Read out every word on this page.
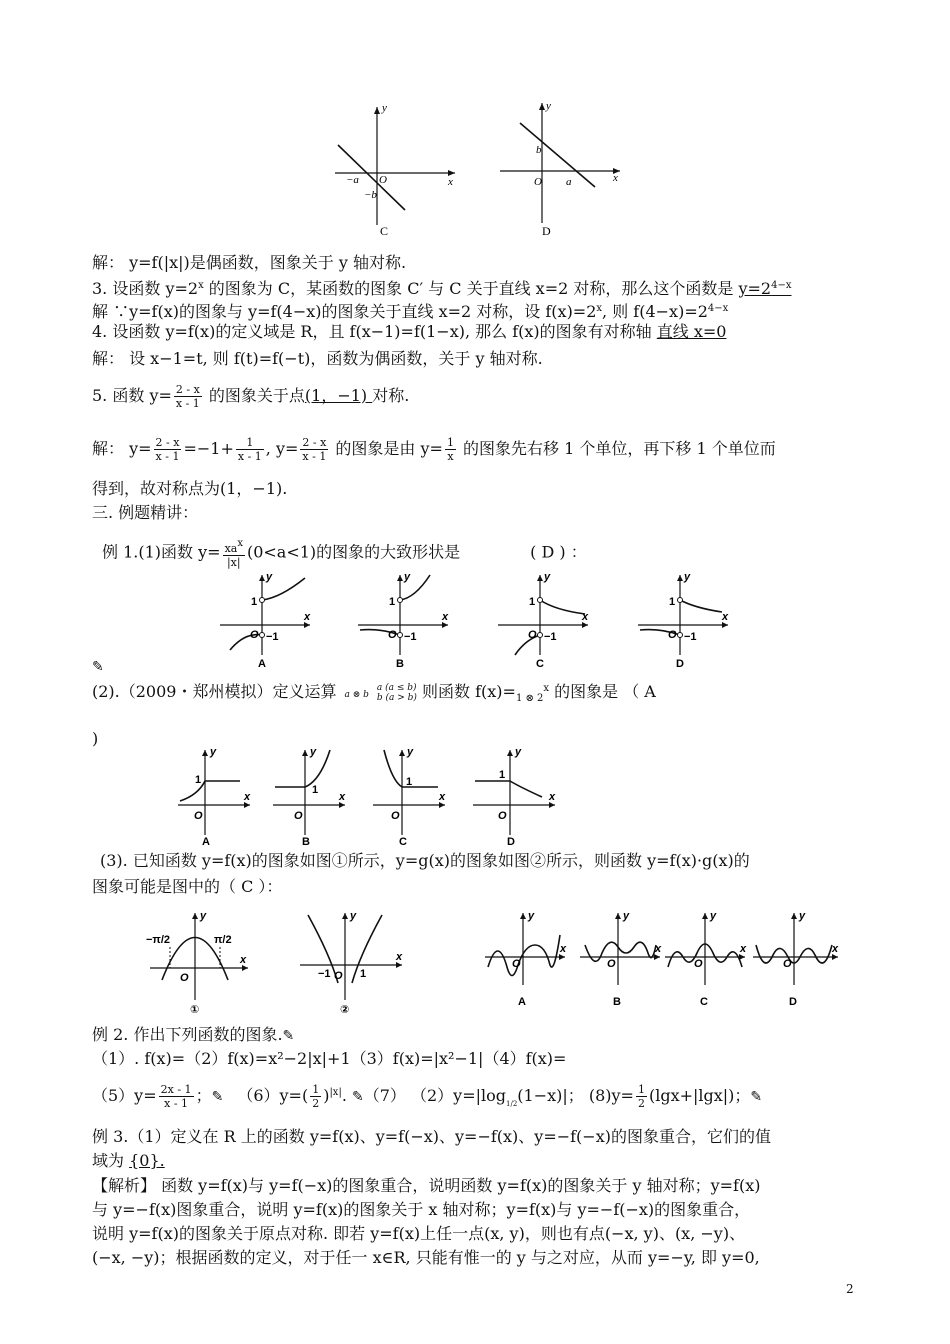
y
x
−a O
−b
C
y
x
b
O a
D
解： y=f(|x|)是偶函数，图象关于 y 轴对称.
3. 设函数 $y=2^x$ 的图象为 C，某函数的图象 C′ 与 C 关于直线 x=2 对称，那么这个函数是 $y=2^{4-x}$
解 ∵y=f(x)的图象与 y=f(4−x)的图象关于直线 x=2 对称，设 $f(x)=2^x$, 则 $f(4-x)=2^{4-x}$
4. 设函数 y=f(x)的定义域是 R，且 f(x−1)=f(1−x), 那么 f(x)的图象有对称轴 直线 x=0
解： 设 x−1=t, 则 f(t)=f(−t)，函数为偶函数，关于 y 轴对称.
5. 函数 $y= \frac{2 - x}{x - 1}$ 的图象关于点(1，−1) 对称.
解： $y= \frac{2 - x}{x - 1} =-1+ \frac{1}{x - 1}$ , $y= \frac{2 - x}{x - 1}$ 的图象是由 $y= \frac{1}{x}$ 的图象先右移 1 个单位，再下移 1 个单位而
得到，故对称点为(1，−1).
三. 例题精讲：
例 1.(1)函数 $y= \frac{\text{xax}}{|x|} (0<a<1)$的图象的大致形状是	( D ) ：
1
−1
O
x
y
A
1
−1
O
x
y
B
1
−1
O
x
y
C
1
−1
O
x
y
D
✎
(2).（2009・郑州模拟）定义运算 a ⊗ b
a (a ≤ b)
b (a > b) 则函数 $f(x)=_{1 \otimes 2}^x$ 的图象是 （ A
)
1
O
x
y
A
1
O
x
y
B
1
O
x
y
C
1
O
x
y
D
(3). 已知函数 y=f(x)的图象如图①所示，y=g(x)的图象如图②所示，则函数 y=f(x)·g(x)的
图象可能是图中的（ C ）：
−π/2	π/2
O
x
y
①
−1 O 1
x
y
②
O
x
y
A
O
x
y
B
O
x
y
C
O
x
y
D
例 2. 作出下列函数的图象.✎
（1）. f(x)=（2）f(x)=x²−2|x|+1（3）f(x)=|x²−1|（4）f(x)=
$(5)y= \frac{2x - 1}{x - 1}$ ；✎ $(6)y=( \frac{1}{2} )^{|x|}$. ✎（7） $(2)y=|\log_{1/2}(1-x)|$； $(8)y= \frac{1}{2} (\lg x+|\lg x|)$；✎
例 3.（1）定义在 R 上的函数 y=f(x)、y=f(−x)、y=−f(x)、y=−f(−x)的图象重合，它们的值
域为 {0}.
【解析】 函数 y=f(x)与 y=f(−x)的图象重合，说明函数 y=f(x)的图象关于 y 轴对称；y=f(x)
与 y=−f(x)图象重合，说明 y=f(x)的图象关于 x 轴对称；y=f(x)与 y=−f(−x)的图象重合，
说明 y=f(x)的图象关于原点对称. 即若 y=f(x)上任一点(x, y)，则也有点(−x, y)、(x, −y)、
(−x, −y)；根据函数的定义，对于任一 x∈R, 只能有惟一的 y 与之对应，从而 y=−y, 即 y=0,
2
